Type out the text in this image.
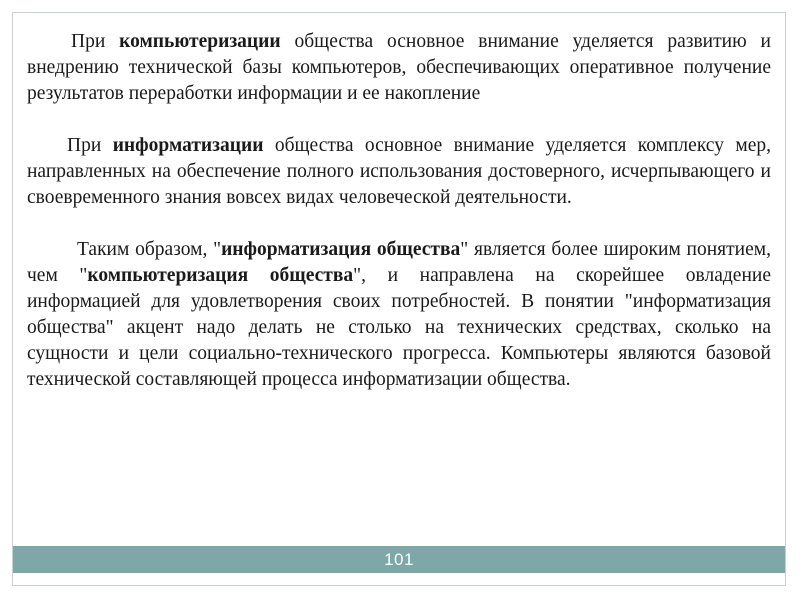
При компьютеризации общества основное внимание уделяется развитию и внедрению технической базы компьютеров, обеспечивающих оперативное получение результатов переработки информации и ее накопление

При информатизации общества основное внимание уделяется комплексу мер, направленных на обеспечение полного использования достоверного, исчерпывающего и своевременного знания вовсех видах человеческой деятельности.

Таким образом, "информатизация общества" является более широким понятием, чем "компьютеризация общества", и направлена на скорейшее овладение информацией для удовлетворения своих потребностей. В понятии "информатизация общества" акцент надо делать не столько на технических средствах, сколько на сущности и цели социально-технического прогресса. Компьютеры являются базовой технической составляющей процесса информатизации общества.

101
